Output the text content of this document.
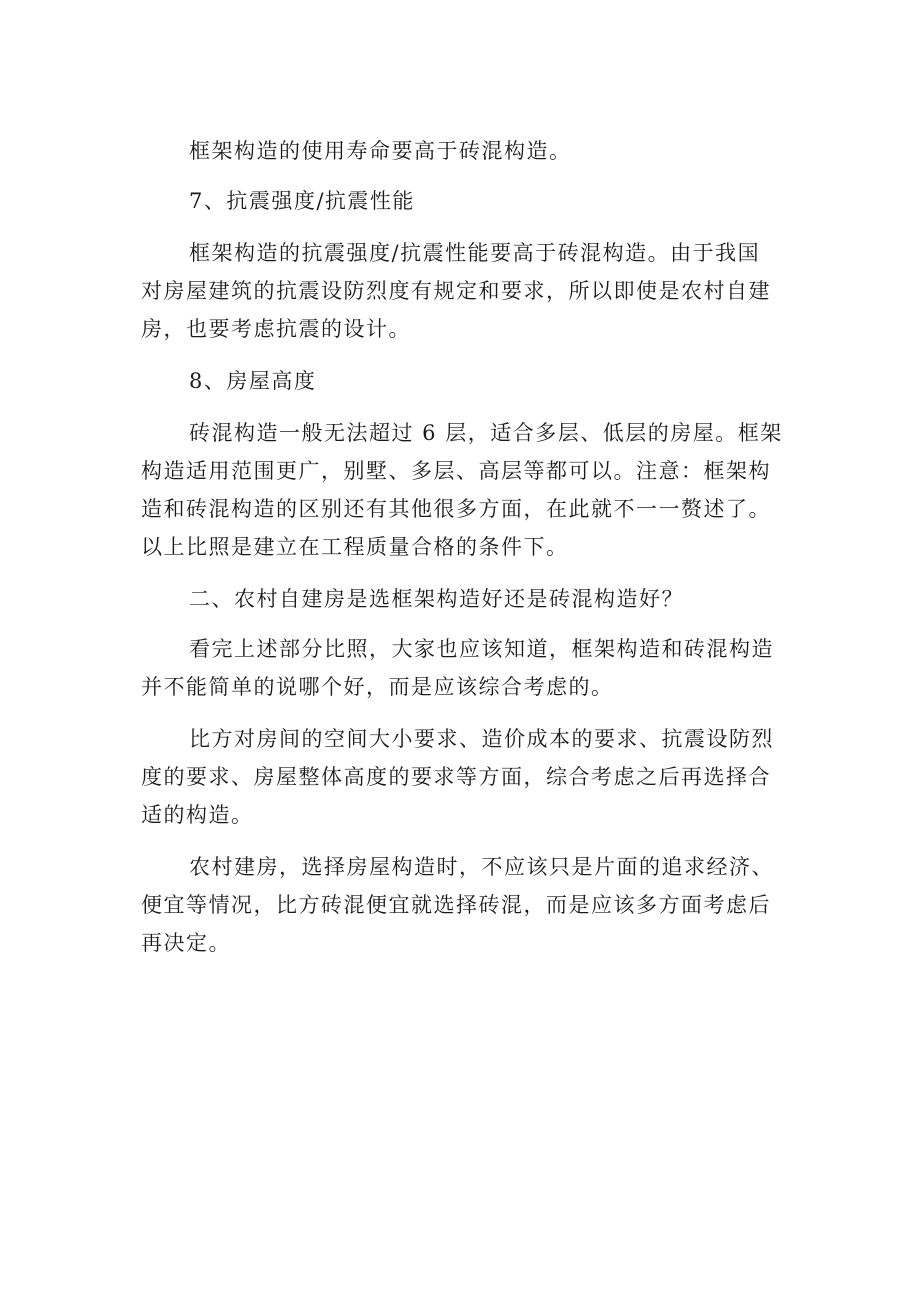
框架构造的使用寿命要高于砖混构造。
7、抗震强度/抗震性能
框架构造的抗震强度/抗震性能要高于砖混构造。由于我国
对房屋建筑的抗震设防烈度有规定和要求，所以即使是农村自建
房，也要考虑抗震的设计。
8、房屋高度
砖混构造一般无法超过 6 层，适合多层、低层的房屋。框架
构造适用范围更广，别墅、多层、高层等都可以。注意：框架构
造和砖混构造的区别还有其他很多方面，在此就不一一赘述了。
以上比照是建立在工程质量合格的条件下。
二、农村自建房是选框架构造好还是砖混构造好？
看完上述部分比照，大家也应该知道，框架构造和砖混构造
并不能简单的说哪个好，而是应该综合考虑的。
比方对房间的空间大小要求、造价成本的要求、抗震设防烈
度的要求、房屋整体高度的要求等方面，综合考虑之后再选择合
适的构造。
农村建房，选择房屋构造时，不应该只是片面的追求经济、
便宜等情况，比方砖混便宜就选择砖混，而是应该多方面考虑后
再决定。
